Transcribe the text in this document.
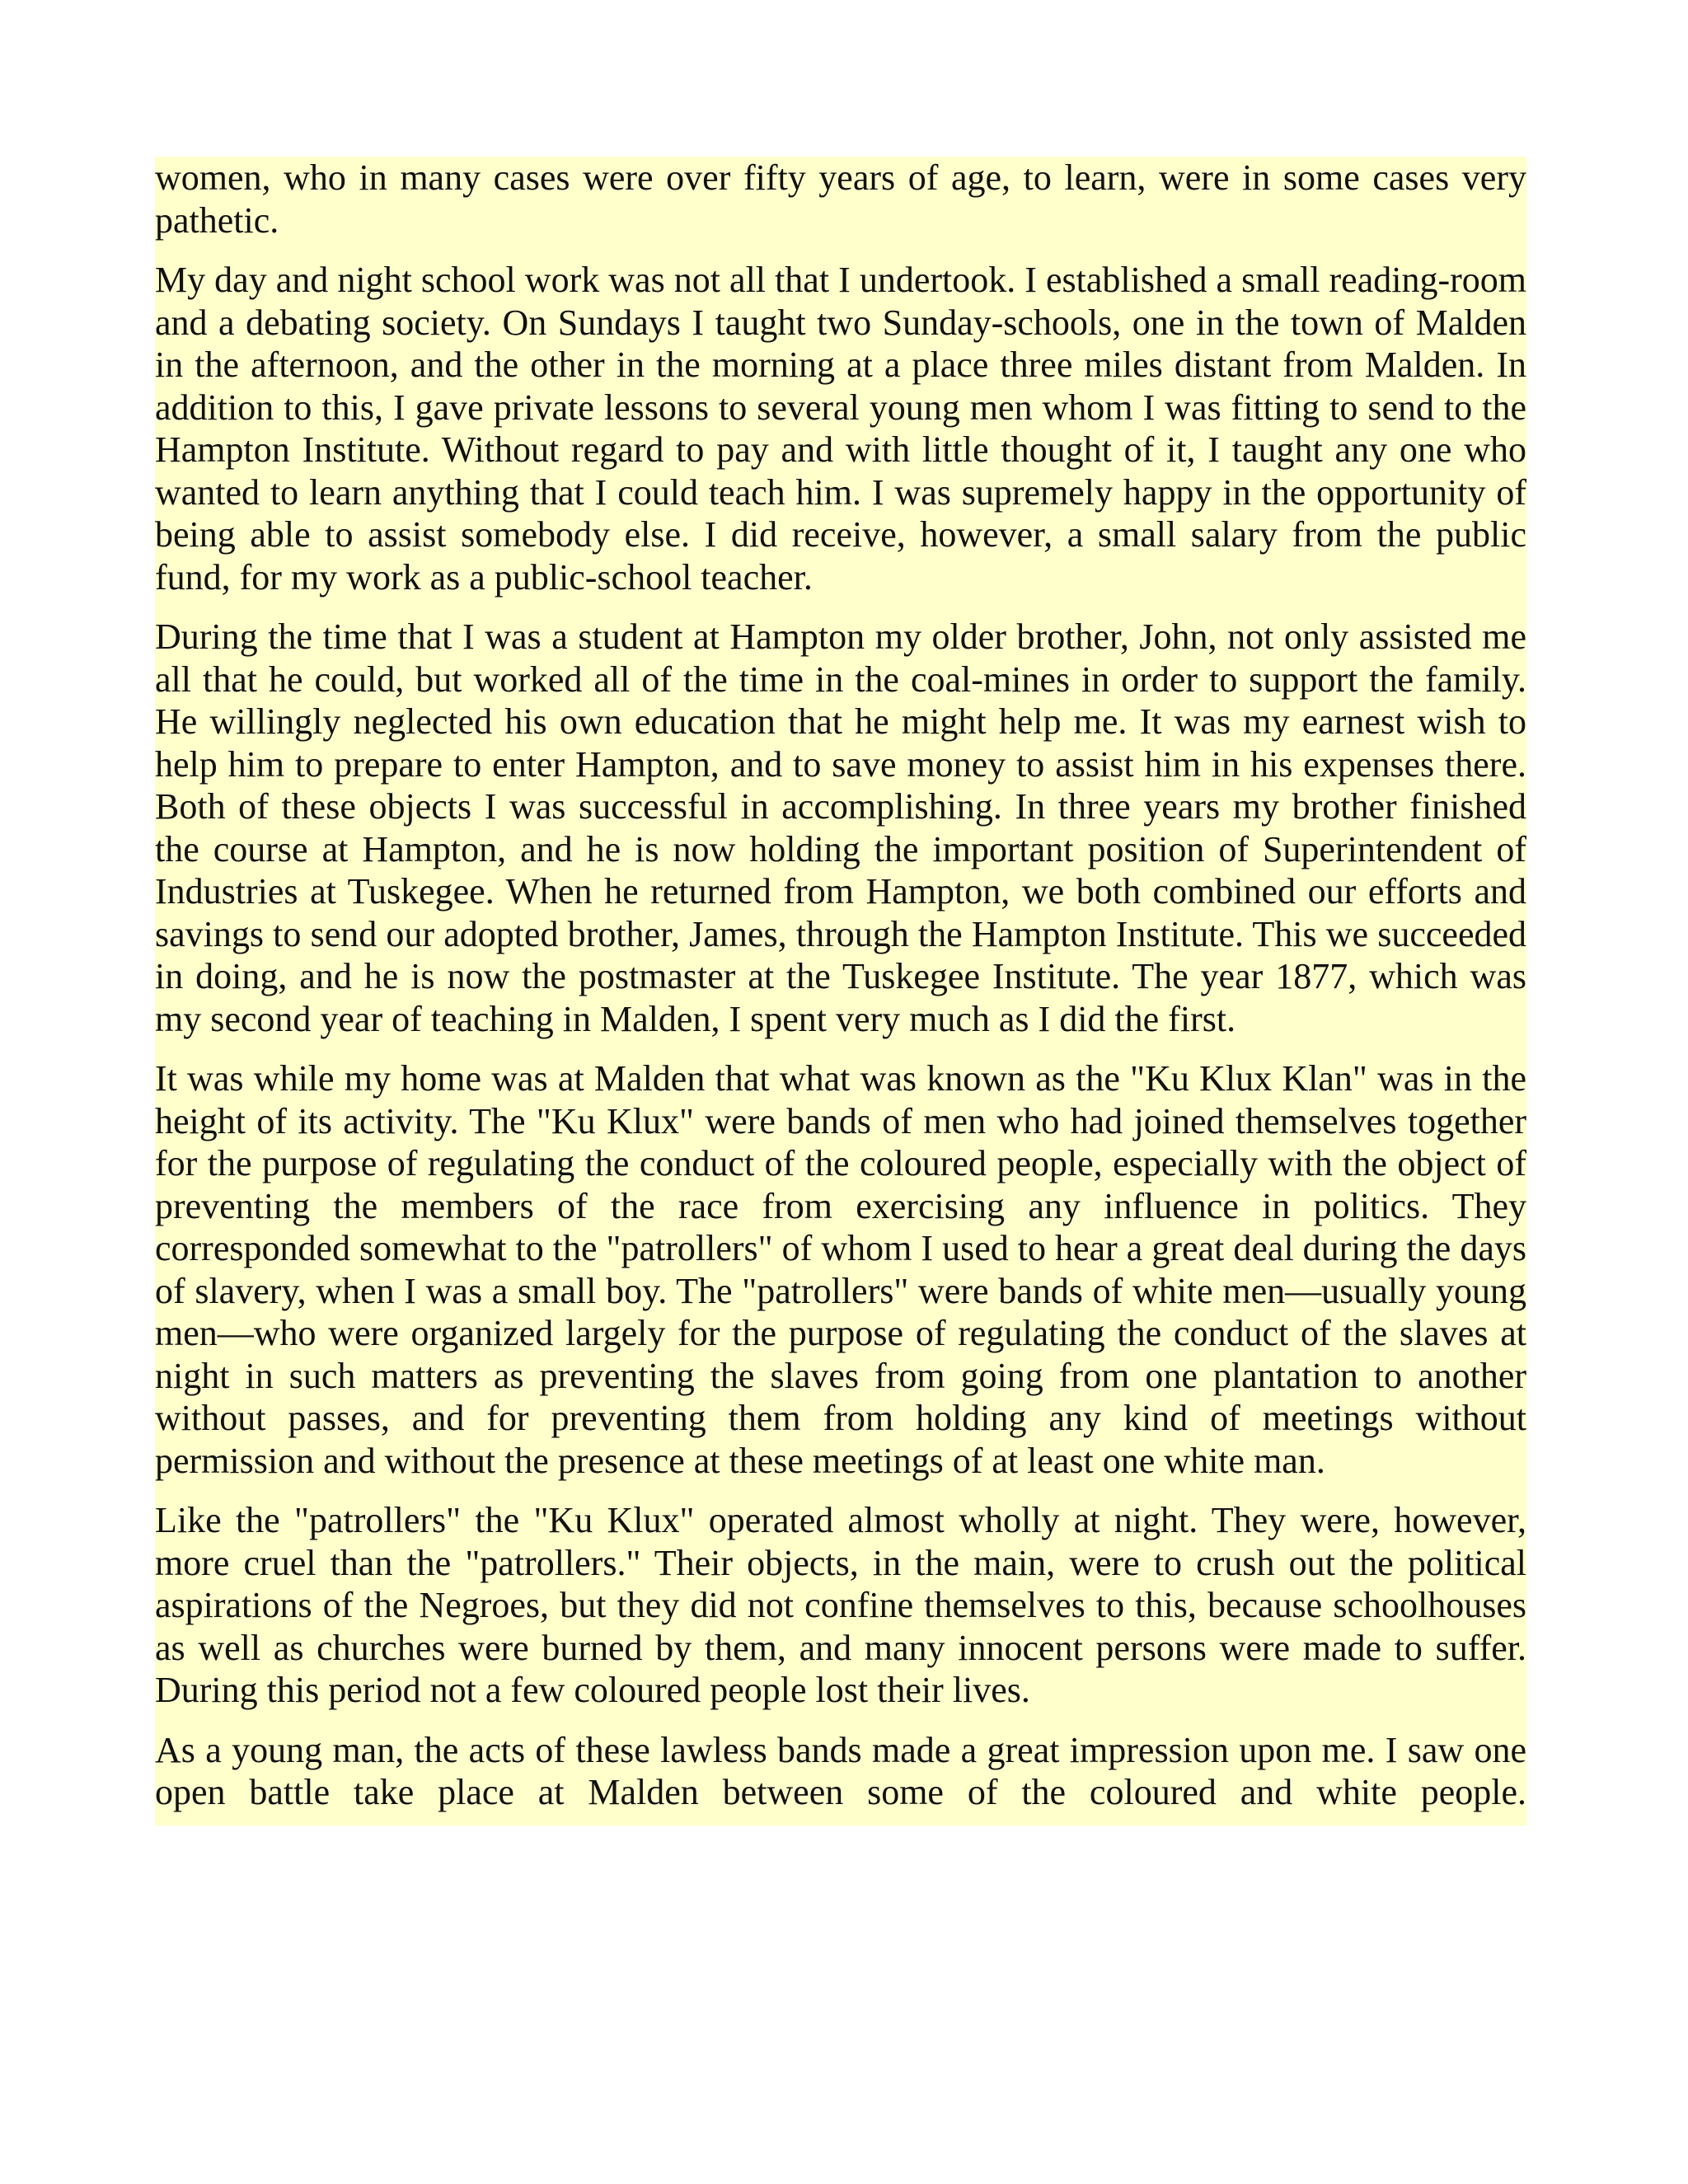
women, who in many cases were over fifty years of age, to learn, were in some cases very pathetic.

My day and night school work was not all that I undertook. I established a small reading-room and a debating society. On Sundays I taught two Sunday-schools, one in the town of Malden in the afternoon, and the other in the morning at a place three miles distant from Malden. In addition to this, I gave private lessons to several young men whom I was fitting to send to the Hampton Institute. Without regard to pay and with little thought of it, I taught any one who wanted to learn anything that I could teach him. I was supremely happy in the opportunity of being able to assist somebody else. I did receive, however, a small salary from the public fund, for my work as a public-school teacher.

During the time that I was a student at Hampton my older brother, John, not only assisted me all that he could, but worked all of the time in the coal-mines in order to support the family. He willingly neglected his own education that he might help me. It was my earnest wish to help him to prepare to enter Hampton, and to save money to assist him in his expenses there. Both of these objects I was successful in accomplishing. In three years my brother finished the course at Hampton, and he is now holding the important position of Superintendent of Industries at Tuskegee. When he returned from Hampton, we both combined our efforts and savings to send our adopted brother, James, through the Hampton Institute. This we succeeded in doing, and he is now the postmaster at the Tuskegee Institute. The year 1877, which was my second year of teaching in Malden, I spent very much as I did the first.

It was while my home was at Malden that what was known as the "Ku Klux Klan" was in the height of its activity. The "Ku Klux" were bands of men who had joined themselves together for the purpose of regulating the conduct of the coloured people, especially with the object of preventing the members of the race from exercising any influence in politics. They corresponded somewhat to the "patrollers" of whom I used to hear a great deal during the days of slavery, when I was a small boy. The "patrollers" were bands of white men—usually young men—who were organized largely for the purpose of regulating the conduct of the slaves at night in such matters as preventing the slaves from going from one plantation to another without passes, and for preventing them from holding any kind of meetings without permission and without the presence at these meetings of at least one white man.

Like the "patrollers" the "Ku Klux" operated almost wholly at night. They were, however, more cruel than the "patrollers." Their objects, in the main, were to crush out the political aspirations of the Negroes, but they did not confine themselves to this, because schoolhouses as well as churches were burned by them, and many innocent persons were made to suffer. During this period not a few coloured people lost their lives.

As a young man, the acts of these lawless bands made a great impression upon me. I saw one open battle take place at Malden between some of the coloured and white people.
